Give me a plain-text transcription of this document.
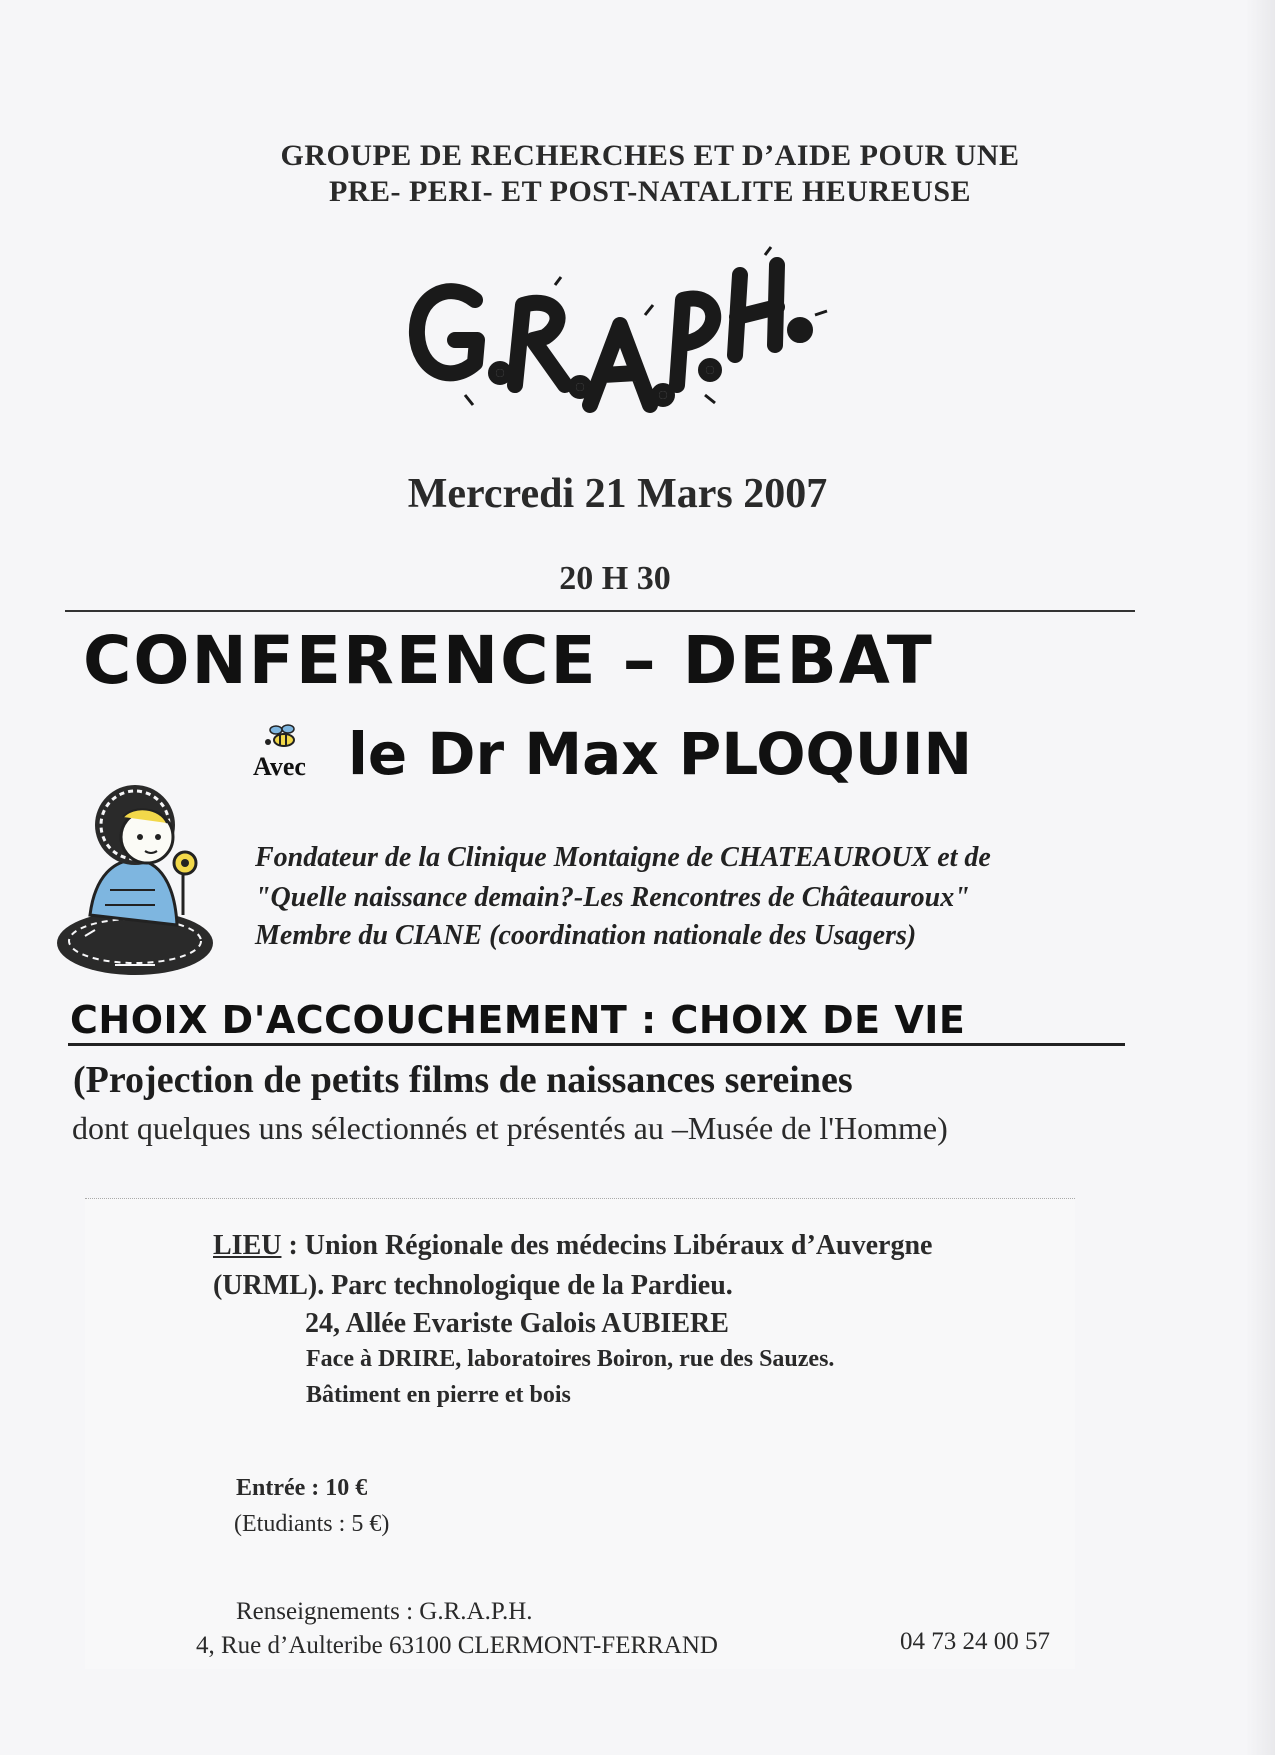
GROUPE DE RECHERCHES ET D’AIDE POUR UNE
PRE- PERI- ET POST-NATALITE HEUREUSE
Mercredi 21 Mars 2007
20 H 30
CONFERENCE – DEBAT
Avec le Dr Max PLOQUIN
Fondateur de la Clinique Montaigne de CHATEAUROUX et de
"Quelle naissance demain?-Les Rencontres de Châteauroux"
Membre du CIANE (coordination nationale des Usagers)
CHOIX D'ACCOUCHEMENT : CHOIX DE VIE
(Projection de petits films de naissances sereines
dont quelques uns sélectionnés et présentés au –Musée de l'Homme)
LIEU : Union Régionale des médecins Libéraux d’Auvergne
(URML). Parc technologique de la Pardieu.
24, Allée Evariste Galois AUBIERE
Face à DRIRE, laboratoires Boiron, rue des Sauzes.
Bâtiment en pierre et bois
Entrée : 10 €
(Etudiants : 5 €)
Renseignements : G.R.A.P.H.
4, Rue d’Aulteribe 63100 CLERMONT-FERRAND	04 73 24 00 57
